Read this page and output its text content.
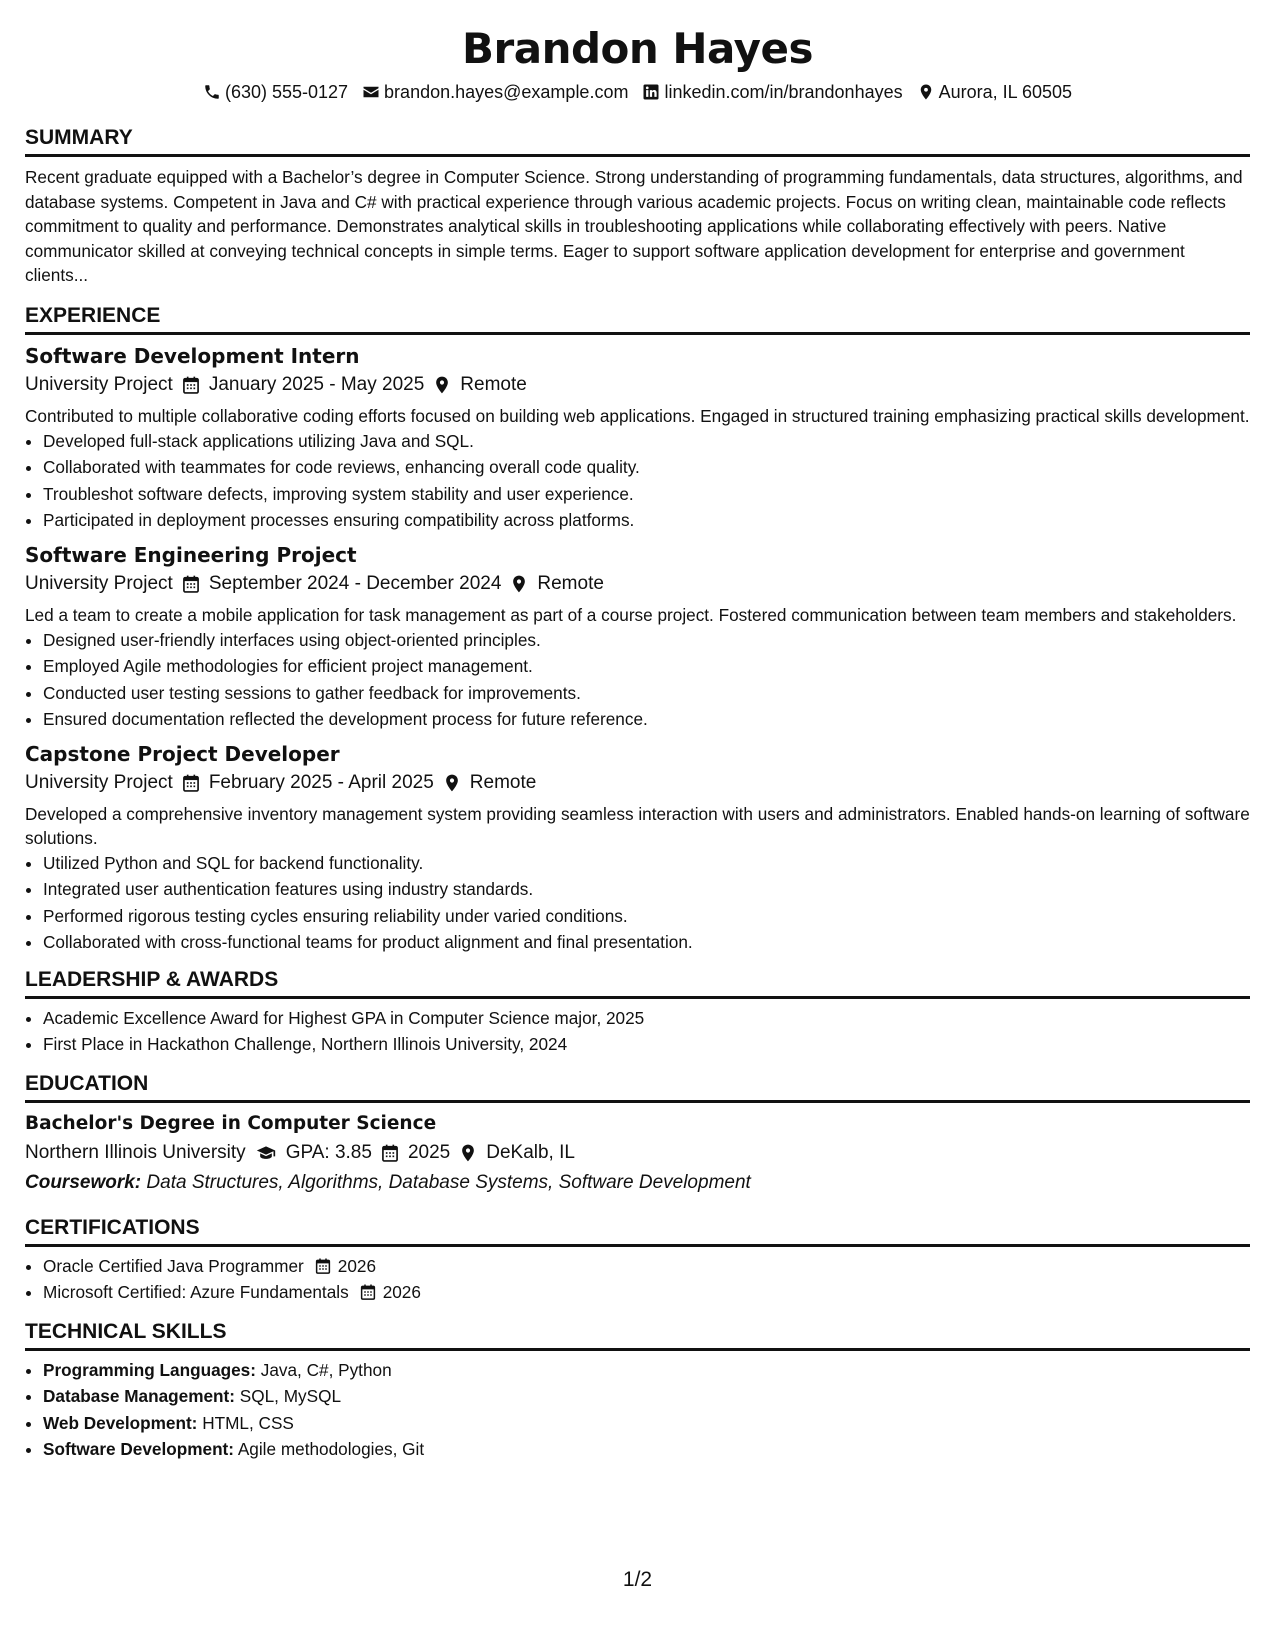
Brandon Hayes
(630) 555-0127 brandon.hayes@example.com linkedin.com/in/brandonhayes Aurora, IL 60505
SUMMARY
Recent graduate equipped with a Bachelor’s degree in Computer Science. Strong understanding of programming fundamentals, data structures, algorithms, and database systems. Competent in Java and C# with practical experience through various academic projects. Focus on writing clean, maintainable code reflects commitment to quality and performance. Demonstrates analytical skills in troubleshooting applications while collaborating effectively with peers. Native communicator skilled at conveying technical concepts in simple terms. Eager to support software application development for enterprise and government clients...
EXPERIENCE
Software Development Intern
University Project January 2025 - May 2025 Remote
Contributed to multiple collaborative coding efforts focused on building web applications. Engaged in structured training emphasizing practical skills development.
• Developed full-stack applications utilizing Java and SQL.
• Collaborated with teammates for code reviews, enhancing overall code quality.
• Troubleshot software defects, improving system stability and user experience.
• Participated in deployment processes ensuring compatibility across platforms.
Software Engineering Project
University Project September 2024 - December 2024 Remote
Led a team to create a mobile application for task management as part of a course project. Fostered communication between team members and stakeholders.
• Designed user-friendly interfaces using object-oriented principles.
• Employed Agile methodologies for efficient project management.
• Conducted user testing sessions to gather feedback for improvements.
• Ensured documentation reflected the development process for future reference.
Capstone Project Developer
University Project February 2025 - April 2025 Remote
Developed a comprehensive inventory management system providing seamless interaction with users and administrators. Enabled hands-on learning of software solutions.
• Utilized Python and SQL for backend functionality.
• Integrated user authentication features using industry standards.
• Performed rigorous testing cycles ensuring reliability under varied conditions.
• Collaborated with cross-functional teams for product alignment and final presentation.
LEADERSHIP & AWARDS
• Academic Excellence Award for Highest GPA in Computer Science major, 2025
• First Place in Hackathon Challenge, Northern Illinois University, 2024
EDUCATION
Bachelor's Degree in Computer Science
Northern Illinois University GPA: 3.85 2025 DeKalb, IL
Coursework: Data Structures, Algorithms, Database Systems, Software Development
CERTIFICATIONS
• Oracle Certified Java Programmer 2026
• Microsoft Certified: Azure Fundamentals 2026
TECHNICAL SKILLS
• Programming Languages: Java, C#, Python
• Database Management: SQL, MySQL
• Web Development: HTML, CSS
• Software Development: Agile methodologies, Git
1/2
